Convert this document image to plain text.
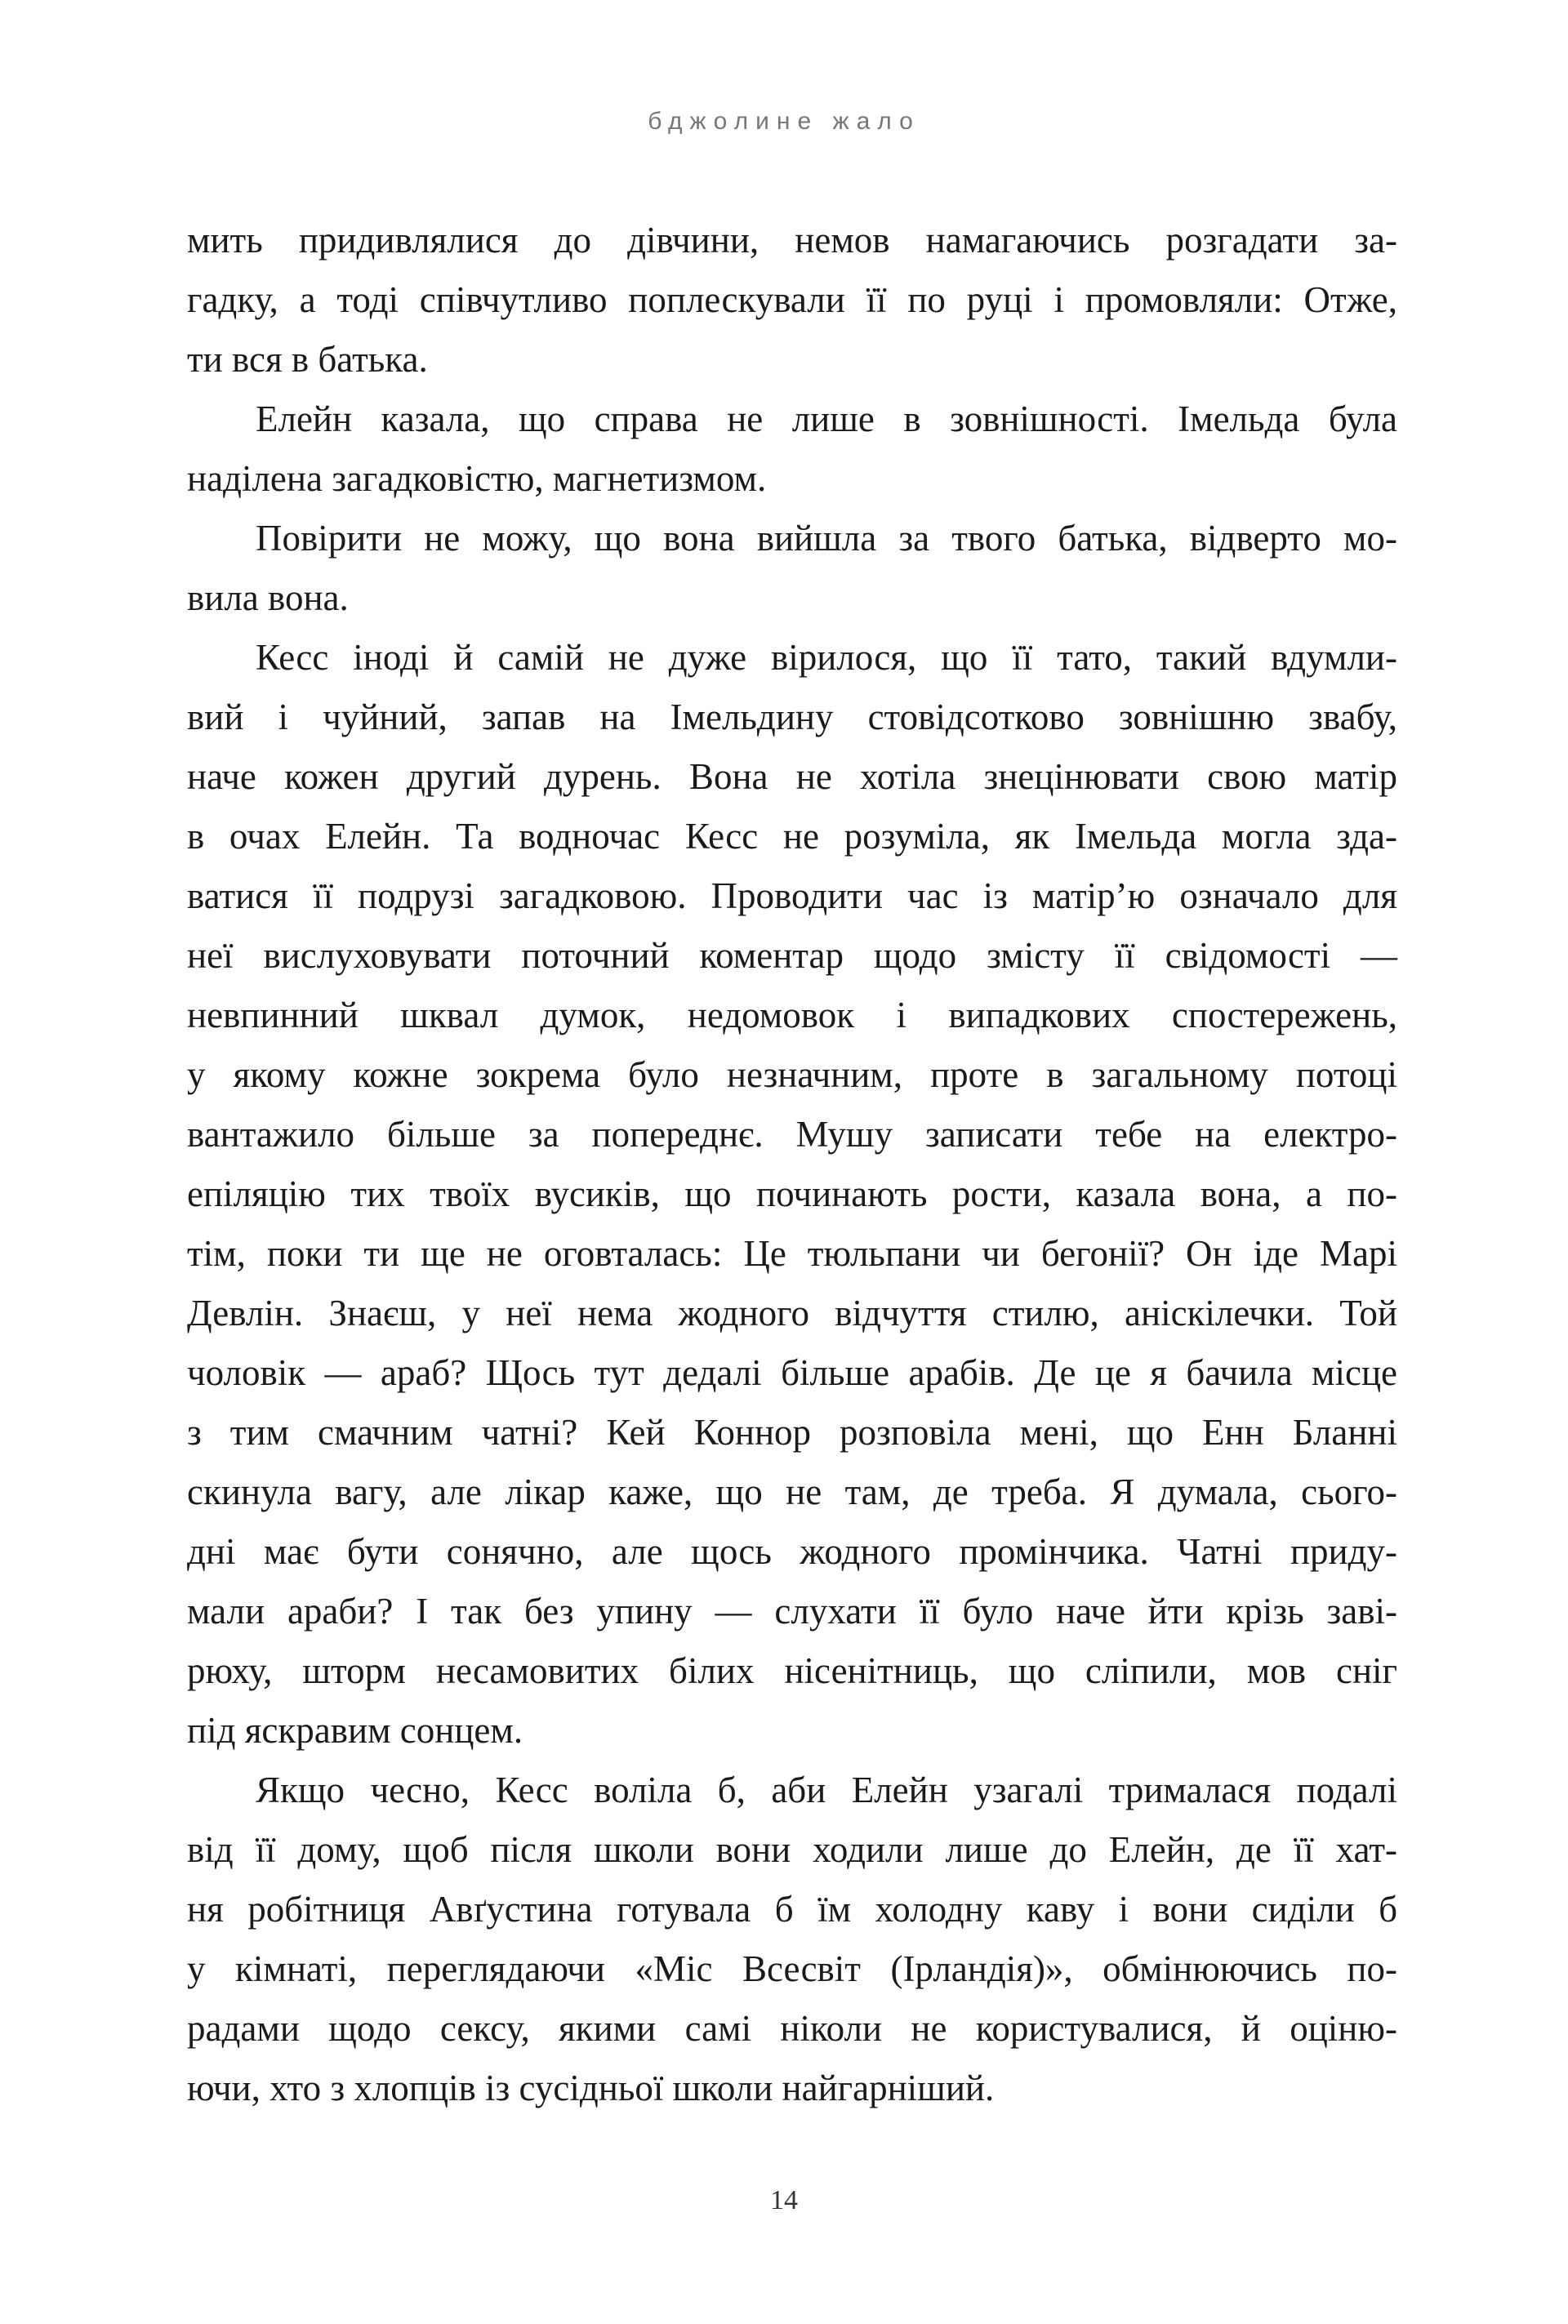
бджолине жало
мить придивлялися до дівчини, немов намагаючись розгадати за-
гадку, а тоді співчутливо поплескували її по руці і промовляли: Отже,
ти вся в батька.
Елейн казала, що справа не лише в зовнішності. Імельда була
наділена загадковістю, магнетизмом.
Повірити не можу, що вона вийшла за твого батька, відверто мо-
вила вона.
Кесс іноді й самій не дуже вірилося, що її тато, такий вдумли-
вий і чуйний, запав на Імельдину стовідсотково зовнішню звабу,
наче кожен другий дурень. Вона не хотіла знецінювати свою матір
в очах Елейн. Та водночас Кесс не розуміла, як Імельда могла зда-
ватися її подрузі загадковою. Проводити час із матір’ю означало для
неї вислуховувати поточний коментар щодо змісту її свідомості —
невпинний шквал думок, недомовок і випадкових спостережень,
у якому кожне зокрема було незначним, проте в загальному потоці
вантажило більше за попереднє. Мушу записати тебе на електро-
епіляцію тих твоїх вусиків, що починають рости, казала вона, а по-
тім, поки ти ще не оговталась: Це тюльпани чи бегонії? Он іде Марі
Девлін. Знаєш, у неї нема жодного відчуття стилю, аніскілечки. Той
чоловік — араб? Щось тут дедалі більше арабів. Де це я бачила місце
з тим смачним чатні? Кей Коннор розповіла мені, що Енн Бланні
скинула вагу, але лікар каже, що не там, де треба. Я думала, сього-
дні має бути сонячно, але щось жодного промінчика. Чатні приду-
мали араби? І так без упину — слухати її було наче йти крізь заві-
рюху, шторм несамовитих білих нісенітниць, що сліпили, мов сніг
під яскравим сонцем.
Якщо чесно, Кесс воліла б, аби Елейн узагалі трималася подалі
від її дому, щоб після школи вони ходили лише до Елейн, де її хат-
ня робітниця Авґустина готувала б їм холодну каву і вони сиділи б
у кімнаті, переглядаючи «Міс Всесвіт (Ірландія)», обмінюючись по-
радами щодо сексу, якими самі ніколи не користувалися, й оціню-
ючи, хто з хлопців із сусідньої школи найгарніший.
14
